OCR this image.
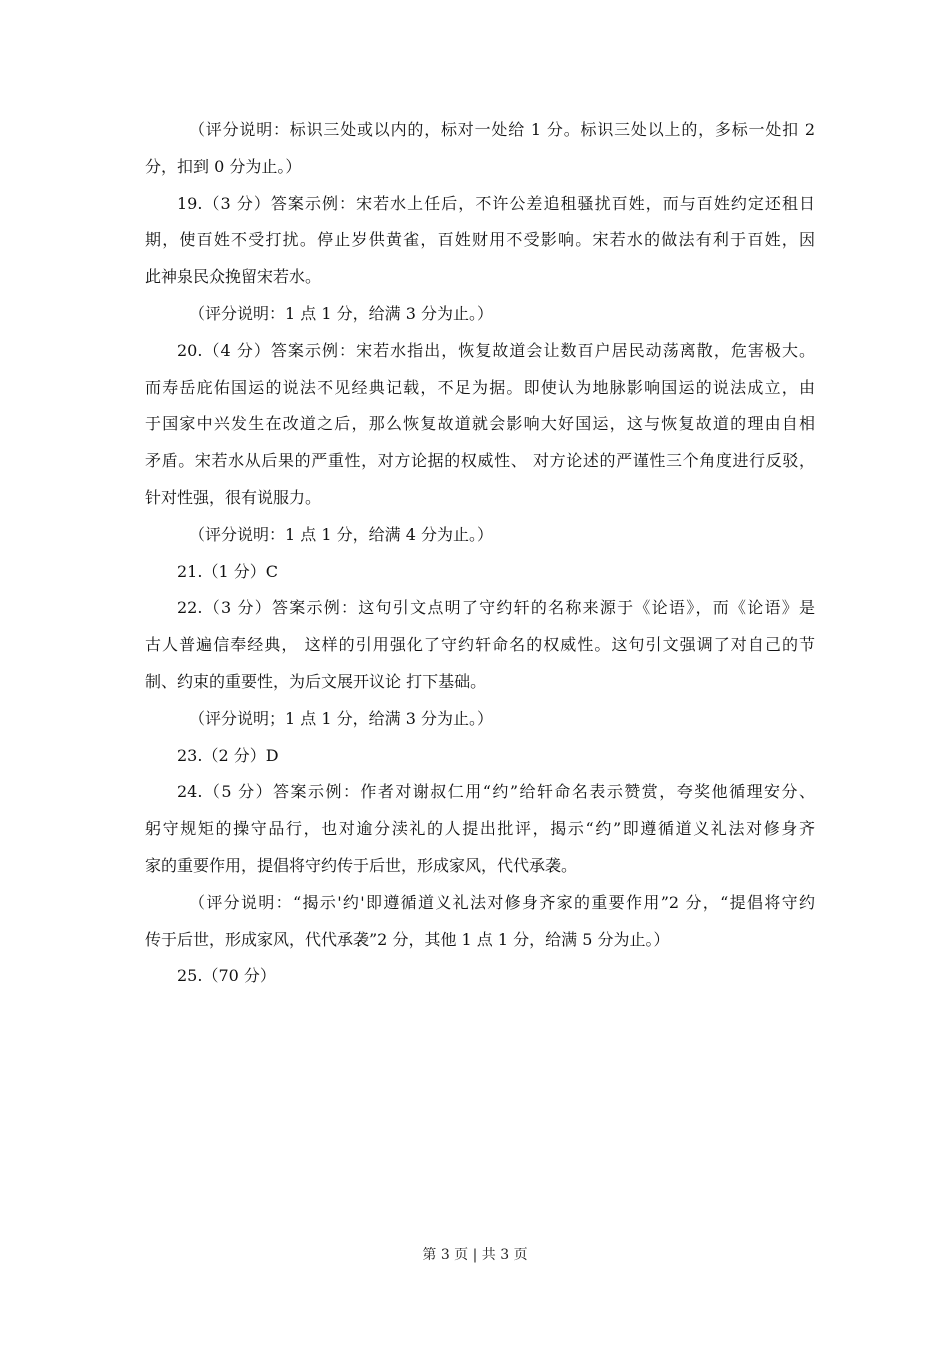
（评分说明：标识三处或以内的，标对一处给 1 分。标识三处以上的，多标一处扣 2
分，扣到 0 分为止。）
19.（3 分）答案示例：宋若水上任后，不许公差追租骚扰百姓，而与百姓约定还租日
期，使百姓不受打扰。停止岁供黄雀，百姓财用不受影响。宋若水的做法有利于百姓，因
此神泉民众挽留宋若水。
（评分说明：1 点 1 分，给满 3 分为止。）
20.（4 分）答案示例：宋若水指出，恢复故道会让数百户居民动荡离散，危害极大。
而寿岳庇佑国运的说法不见经典记载，不足为据。即使认为地脉影响国运的说法成立，由
于国家中兴发生在改道之后，那么恢复故道就会影响大好国运，这与恢复故道的理由自相
矛盾。宋若水从后果的严重性，对方论据的权威性、 对方论述的严谨性三个角度进行反驳，
针对性强，很有说服力。
（评分说明：1 点 1 分，给满 4 分为止。）
21.（1 分）C
22.（3 分）答案示例：这句引文点明了守约轩的名称来源于《论语》，而《论语》是
古人普遍信奉经典， 这样的引用强化了守约轩命名的权威性。这句引文强调了对自己的节
制、约束的重要性，为后文展开议论 打下基础。
（评分说明；1 点 1 分，给满 3 分为止。）
23.（2 分）D
24.（5 分）答案示例：作者对谢叔仁用“约”给轩命名表示赞赏，夸奖他循理安分、
躬守规矩的操守品行，也对逾分渎礼的人提出批评，揭示“约”即遵循道义礼法对修身齐
家的重要作用，提倡将守约传于后世，形成家风，代代承袭。
（评分说明：“揭示'约'即遵循道义礼法对修身齐家的重要作用”2 分，“提倡将守约
传于后世，形成家风，代代承袭”2 分，其他 1 点 1 分，给满 5 分为止。）
25.（70 分）
第 3 页 | 共 3 页
